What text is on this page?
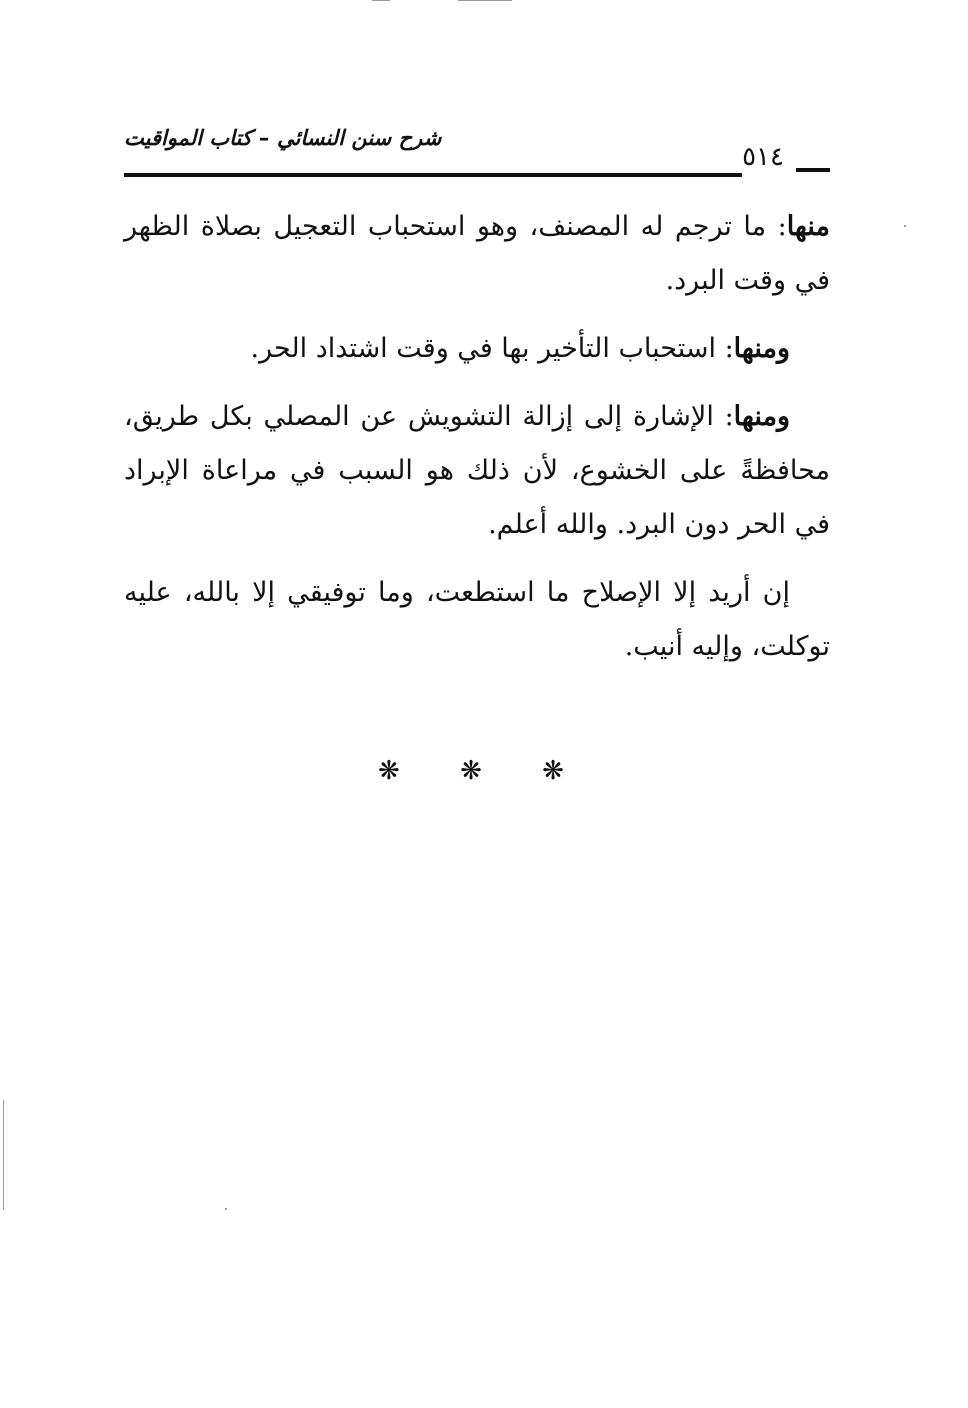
شرح سنن النسائي – كتاب المواقيت
٥١٤

منها: ما ترجم له المصنف، وهو استحباب التعجيل بصلاة الظهر في وقت البرد.

ومنها: استحباب التأخير بها في وقت اشتداد الحر.

ومنها: الإشارة إلى إزالة التشويش عن المصلي بكل طريق، محافظةً على الخشوع، لأن ذلك هو السبب في مراعاة الإبراد في الحر دون البرد. والله أعلم.

إن أريد إلا الإصلاح ما استطعت، وما توفيقي إلا بالله، عليه توكلت، وإليه أنيب.

❋ ❋ ❋
